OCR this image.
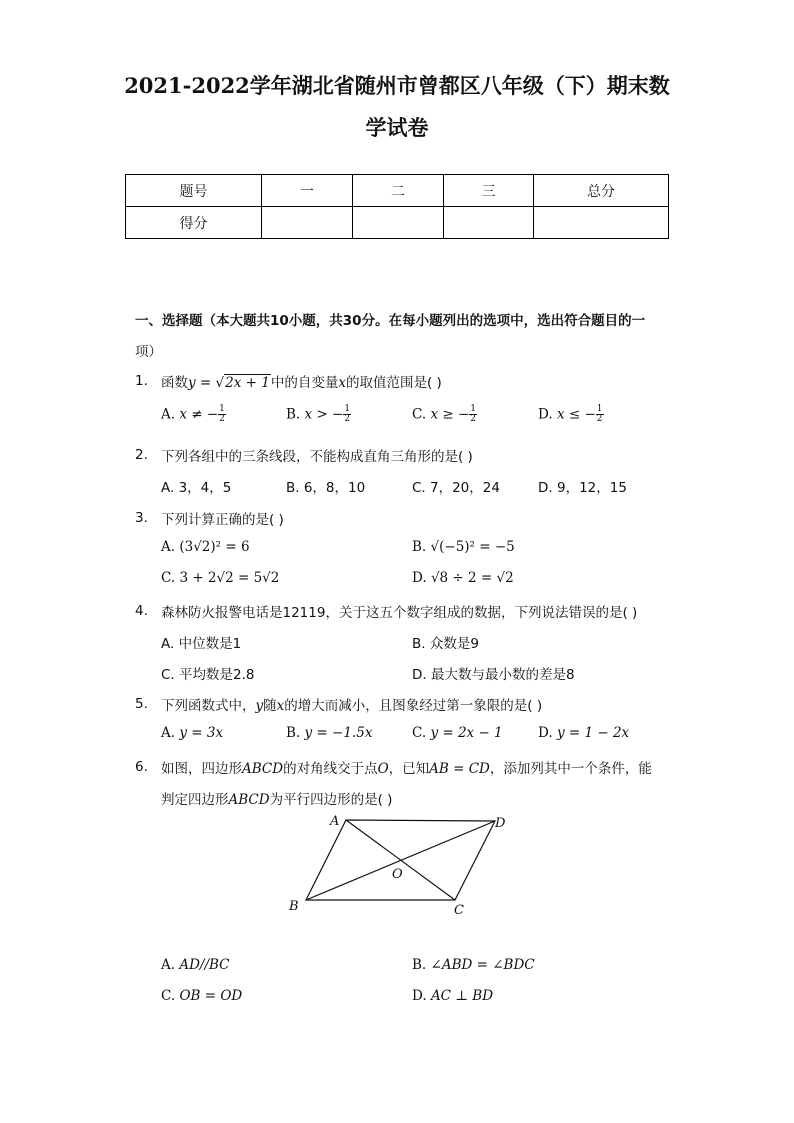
2021-2022学年湖北省随州市曾都区八年级（下）期末数
学试卷
题号	一	二	三	总分
得分				
一、选择题（本大题共10小题，共30分。在每小题列出的选项中，选出符合题目的一
项）
1. 函数y = √2x + 1中的自变量x的取值范围是( )
A. x ≠ − $\frac{1}{2}$	B. x > − $\frac{1}{2}$	C. x ≥ − $\frac{1}{2}$	D. x ≤ − $\frac{1}{2}$
2. 下列各组中的三条线段，不能构成直角三角形的是( )
A. 3，4，5	B. 6，8，10	C. 7，20，24	D. 9，12，15
3. 下列计算正确的是( )
A. (3√2)² = 6	B. √(−5)² = −5
C. 3 + 2√2 = 5√2	D. √8 ÷ 2 = √2
4. 森林防火报警电话是12119，关于这五个数字组成的数据，下列说法错误的是( )
A. 中位数是1	B. 众数是9
C. 平均数是2.8	D. 最大数与最小数的差是8
5. 下列函数式中，y随x的增大而减小，且图象经过第一象限的是( )
A. y = 3x	B. y = −1.5x	C. y = 2x − 1	D. y = 1 − 2x
6. 如图，四边形ABCD的对角线交于点O，已知AB = CD，添加列其中一个条件，能
判定四边形ABCD为平行四边形的是( )
A
B	C
D
O
A. AD//BC	B. ∠ABD = ∠BDC
C. OB = OD	D. AC ⊥ BD
